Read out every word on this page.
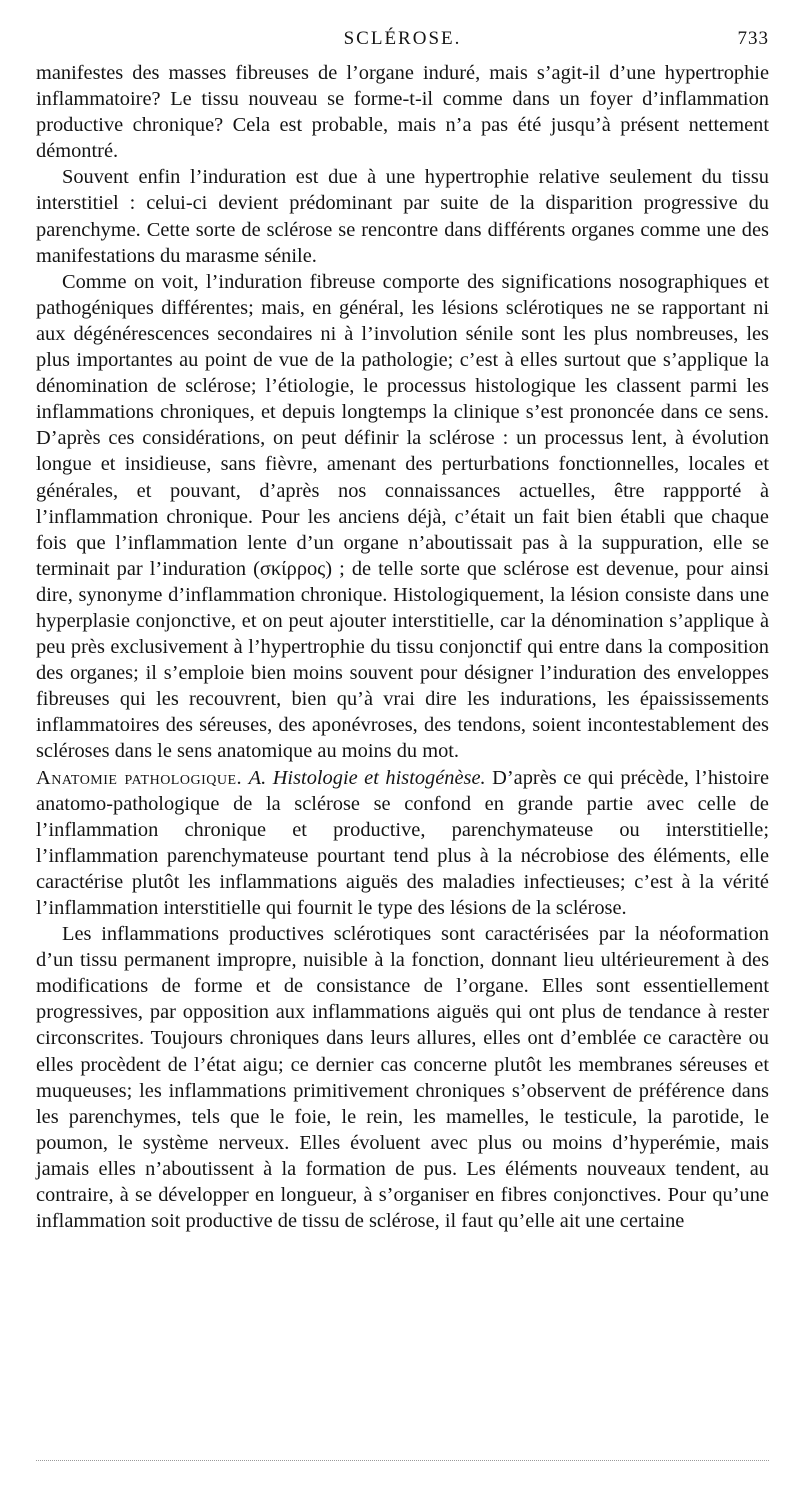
SCLÉROSE.	733

manifestes des masses fibreuses de l’organe induré, mais s’agit-il d’une hypertrophie inflammatoire? Le tissu nouveau se forme-t-il comme dans un foyer d’inflammation productive chronique? Cela est probable, mais n’a pas été jusqu’à présent nettement démontré.

Souvent enfin l’induration est due à une hypertrophie relative seulement du tissu interstitiel : celui-ci devient prédominant par suite de la disparition progressive du parenchyme. Cette sorte de sclérose se rencontre dans différents organes comme une des manifestations du marasme sénile.

Comme on voit, l’induration fibreuse comporte des significations nosographiques et pathogéniques différentes; mais, en général, les lésions sclérotiques ne se rapportant ni aux dégénérescences secondaires ni à l’involution sénile sont les plus nombreuses, les plus importantes au point de vue de la pathologie; c’est à elles surtout que s’applique la dénomination de sclérose; l’étiologie, le processus histologique les classent parmi les inflammations chroniques, et depuis longtemps la clinique s’est prononcée dans ce sens. D’après ces considérations, on peut définir la sclérose : un processus lent, à évolution longue et insidieuse, sans fièvre, amenant des perturbations fonctionnelles, locales et générales, et pouvant, d’après nos connaissances actuelles, être rappporté à l’inflammation chronique. Pour les anciens déjà, c’était un fait bien établi que chaque fois que l’inflammation lente d’un organe n’aboutissait pas à la suppuration, elle se terminait par l’induration (σκίρρος) ; de telle sorte que sclérose est devenue, pour ainsi dire, synonyme d’inflammation chronique. Histologiquement, la lésion consiste dans une hyperplasie conjonctive, et on peut ajouter interstitielle, car la dénomination s’applique à peu près exclusivement à l’hypertrophie du tissu conjonctif qui entre dans la composition des organes; il s’emploie bien moins souvent pour désigner l’induration des enveloppes fibreuses qui les recouvrent, bien qu’à vrai dire les indurations, les épaississements inflammatoires des séreuses, des aponévroses, des tendons, soient incontestablement des scléroses dans le sens anatomique au moins du mot.

Anatomie pathologique. A. Histologie et histogénèse. D’après ce qui précède, l’histoire anatomo-pathologique de la sclérose se confond en grande partie avec celle de l’inflammation chronique et productive, parenchymateuse ou interstitielle; l’inflammation parenchymateuse pourtant tend plus à la nécrobiose des éléments, elle caractérise plutôt les inflammations aiguës des maladies infectieuses; c’est à la vérité l’inflammation interstitielle qui fournit le type des lésions de la sclérose.

Les inflammations productives sclérotiques sont caractérisées par la néoformation d’un tissu permanent impropre, nuisible à la fonction, donnant lieu ultérieurement à des modifications de forme et de consistance de l’organe. Elles sont essentiellement progressives, par opposition aux inflammations aiguës qui ont plus de tendance à rester circonscrites. Toujours chroniques dans leurs allures, elles ont d’emblée ce caractère ou elles procèdent de l’état aigu; ce dernier cas concerne plutôt les membranes séreuses et muqueuses; les inflammations primitivement chroniques s’observent de préférence dans les parenchymes, tels que le foie, le rein, les mamelles, le testicule, la parotide, le poumon, le système nerveux. Elles évoluent avec plus ou moins d’hyperémie, mais jamais elles n’aboutissent à la formation de pus. Les éléments nouveaux tendent, au contraire, à se développer en longueur, à s’organiser en fibres conjonctives. Pour qu’une inflammation soit productive de tissu de sclérose, il faut qu’elle ait une certaine
